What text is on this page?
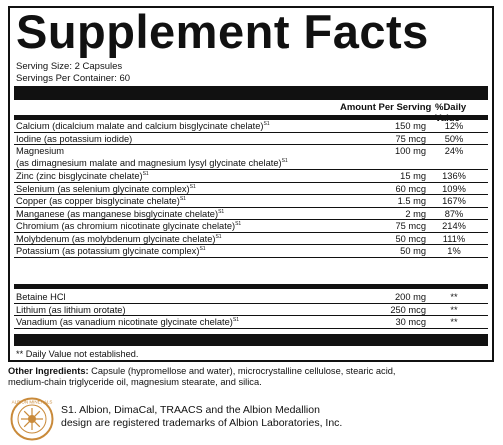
Supplement Facts
Serving Size: 2 Capsules
Servings Per Container: 60
Amount Per Serving %Daily
Calcium (dicalcium malate and calcium bisglycinate chelate)$^{S1}$	150 mg	12%
Iodine (as potassium iodide)	75 mcg	50%
Magnesium
(as dimagnesium malate and magnesium lysyl glycinate chelate)$^{S1}$
100 mg	24%
Zinc (zinc bisglycinate chelate)$^{S1}$	15 mg	136%
Selenium (as selenium glycinate complex)$^{S1}$	60 mcg	109%
Copper (as copper bisglycinate chelate)$^{S1}$	1.5 mg	167%
Manganese (as manganese bisglycinate chelate)$^{S1}$	2 mg	87%
Chromium (as chromium nicotinate glycinate chelate)$^{S1}$	75 mcg	214%
Molybdenum (as molybdenum glycinate chelate)$^{S1}$	50 mcg	111%
Potassium (as potassium glycinate complex)$^{S1}$	50 mg	1%
Betaine HCl	200 mg	**
Lithium (as lithium orotate)	250 mcg	**
Vanadium (as vanadium nicotinate glycinate chelate)$^{S1}$	30 mcg	**
** Daily Value not established.
Other Ingredients: Capsule (hypromellose and water), microcrystalline cellulose, stearic acid,
medium-chain triglyceride oil, magnesium stearate, and silica.
ALBION MINERALS
S1. Albion, DimaCal, TRAACS and the Albion Medallion
design are registered trademarks of Albion Laboratories, Inc.
